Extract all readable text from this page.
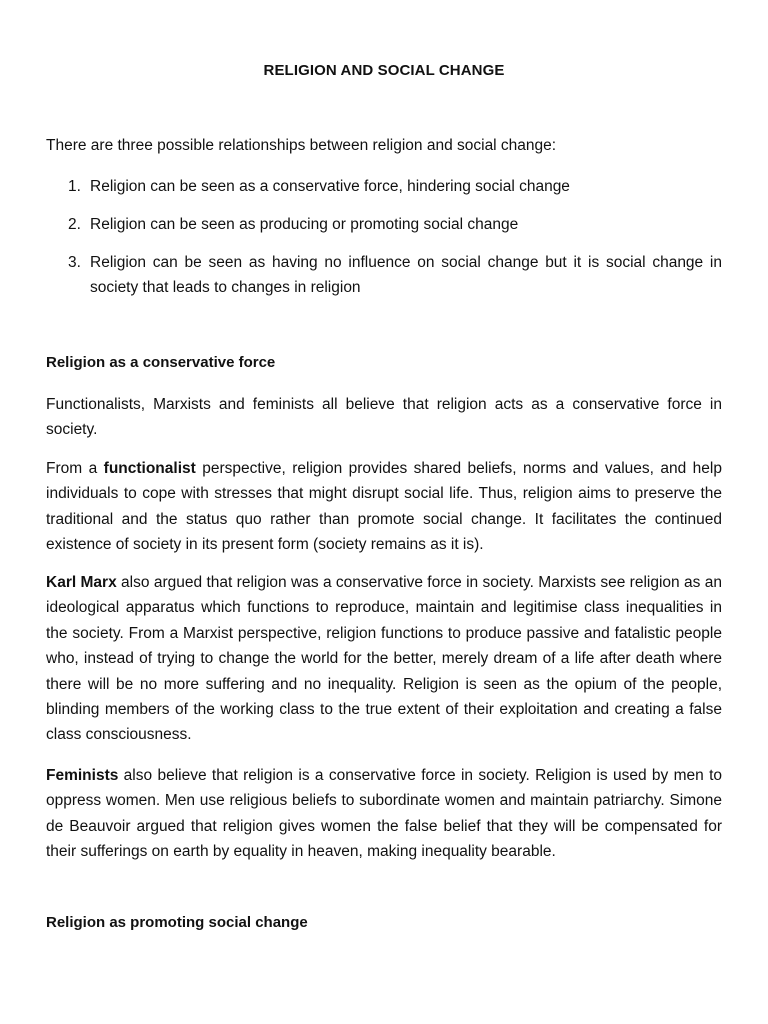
RELIGION AND SOCIAL CHANGE

There are three possible relationships between religion and social change:

1. Religion can be seen as a conservative force, hindering social change
2. Religion can be seen as producing or promoting social change
3. Religion can be seen as having no influence on social change but it is social change in society that leads to changes in religion
Religion as a conservative force

Functionalists, Marxists and feminists all believe that religion acts as a conservative force in society.

From a functionalist perspective, religion provides shared beliefs, norms and values, and help individuals to cope with stresses that might disrupt social life. Thus, religion aims to preserve the traditional and the status quo rather than promote social change. It facilitates the continued existence of society in its present form (society remains as it is).

Karl Marx also argued that religion was a conservative force in society. Marxists see religion as an ideological apparatus which functions to reproduce, maintain and legitimise class inequalities in the society. From a Marxist perspective, religion functions to produce passive and fatalistic people who, instead of trying to change the world for the better, merely dream of a life after death where there will be no more suffering and no inequality. Religion is seen as the opium of the people, blinding members of the working class to the true extent of their exploitation and creating a false class consciousness.

Feminists also believe that religion is a conservative force in society. Religion is used by men to oppress women. Men use religious beliefs to subordinate women and maintain patriarchy. Simone de Beauvoir argued that religion gives women the false belief that they will be compensated for their sufferings on earth by equality in heaven, making inequality bearable.

Religion as promoting social change
